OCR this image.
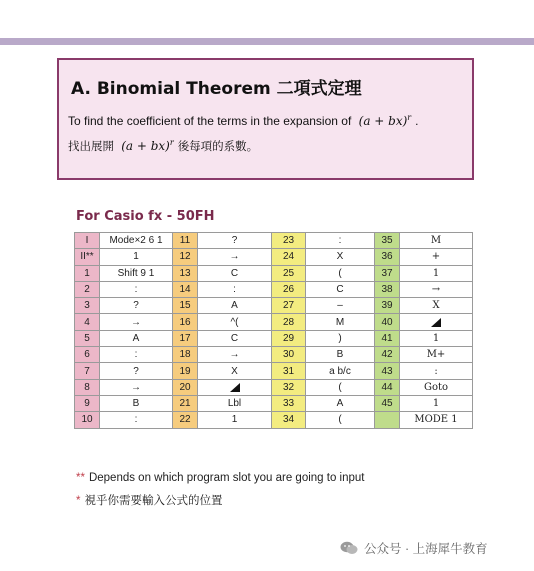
A. Binomial Theorem 二項式定理
To find the coefficient of the terms in the expansion of (a + bx)$^r$ .
找出展開 (a + bx)$^r$ 後每項的系數。
For Casio fx - 50FH
I	Mode×2 6 1	11	?	23	:	35	M
II**	1	12	→	24	X	36	+
1	Shift 9 1	13	C	25	(	37	1
2	:	14	:	26	C	38	→
3	?	15	A	27	–	39	X
4	→	16	^(	28	M	40	
5	A	17	C	29	)	41	1
6	:	18	→	30	B	42	M+
7	?	19	X	31	a b/c	43	:
8	→	20		32	(	44	Goto
9	B	21	Lbl	33	A	45	1
10	:	22	1	34	(		MODE 1
** Depends on which program slot you are going to input
* 視乎你需要輸入公式的位置
公众号 · 上海犀牛教育
